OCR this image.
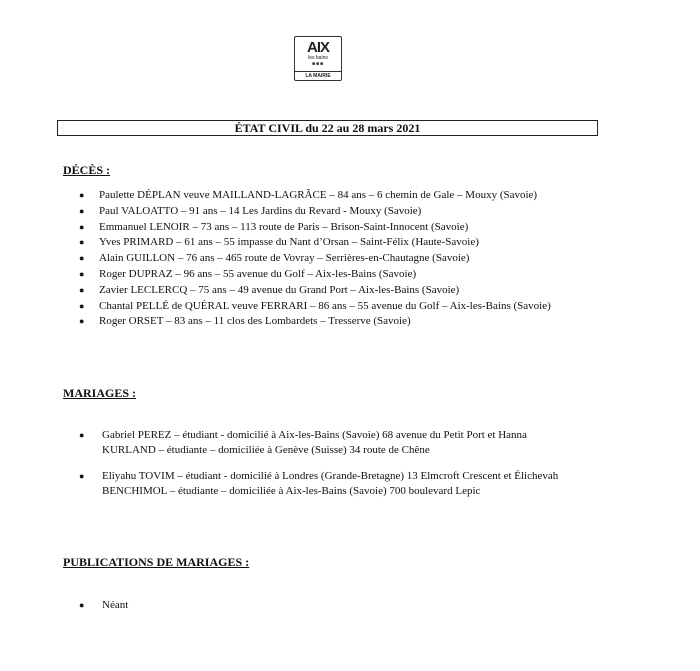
AIX
les bains
■■■
LA MAIRIE
ÉTAT CIVIL du 22 au 28 mars 2021
DÉCÈS :
● Paulette DÉPLAN veuve MAILLAND-LAGRÂCE – 84 ans – 6 chemin de Gale – Mouxy (Savoie)
● Paul VALOATTO – 91 ans – 14 Les Jardins du Revard - Mouxy (Savoie)
● Emmanuel LENOIR – 73 ans – 113 route de Paris – Brison-Saint-Innocent (Savoie)
● Yves PRIMARD – 61 ans – 55 impasse du Nant d’Orsan – Saint-Félix (Haute-Savoie)
● Alain GUILLON – 76 ans – 465 route de Vovray – Serrières-en-Chautagne (Savoie)
● Roger DUPRAZ – 96 ans – 55 avenue du Golf – Aix-les-Bains (Savoie)
● Zavier LECLERCQ – 75 ans – 49 avenue du Grand Port – Aix-les-Bains (Savoie)
● Chantal PELLÉ de QUÉRAL veuve FERRARI – 86 ans – 55 avenue du Golf – Aix-les-Bains (Savoie)
● Roger ORSET – 83 ans – 11 clos des Lombardets – Tresserve (Savoie)
MARIAGES :
● Gabriel PEREZ – étudiant - domicilié à Aix-les-Bains (Savoie) 68 avenue du Petit Port et Hanna KURLAND – étudiante – domiciliée à Genève (Suisse) 34 route de Chêne
● Eliyahu TOVIM – étudiant - domicilié à Londres (Grande-Bretagne) 13 Elmcroft Crescent et Élichevah BENCHIMOL – étudiante – domiciliée à Aix-les-Bains (Savoie) 700 boulevard Lepic
PUBLICATIONS DE MARIAGES :
● Néant
